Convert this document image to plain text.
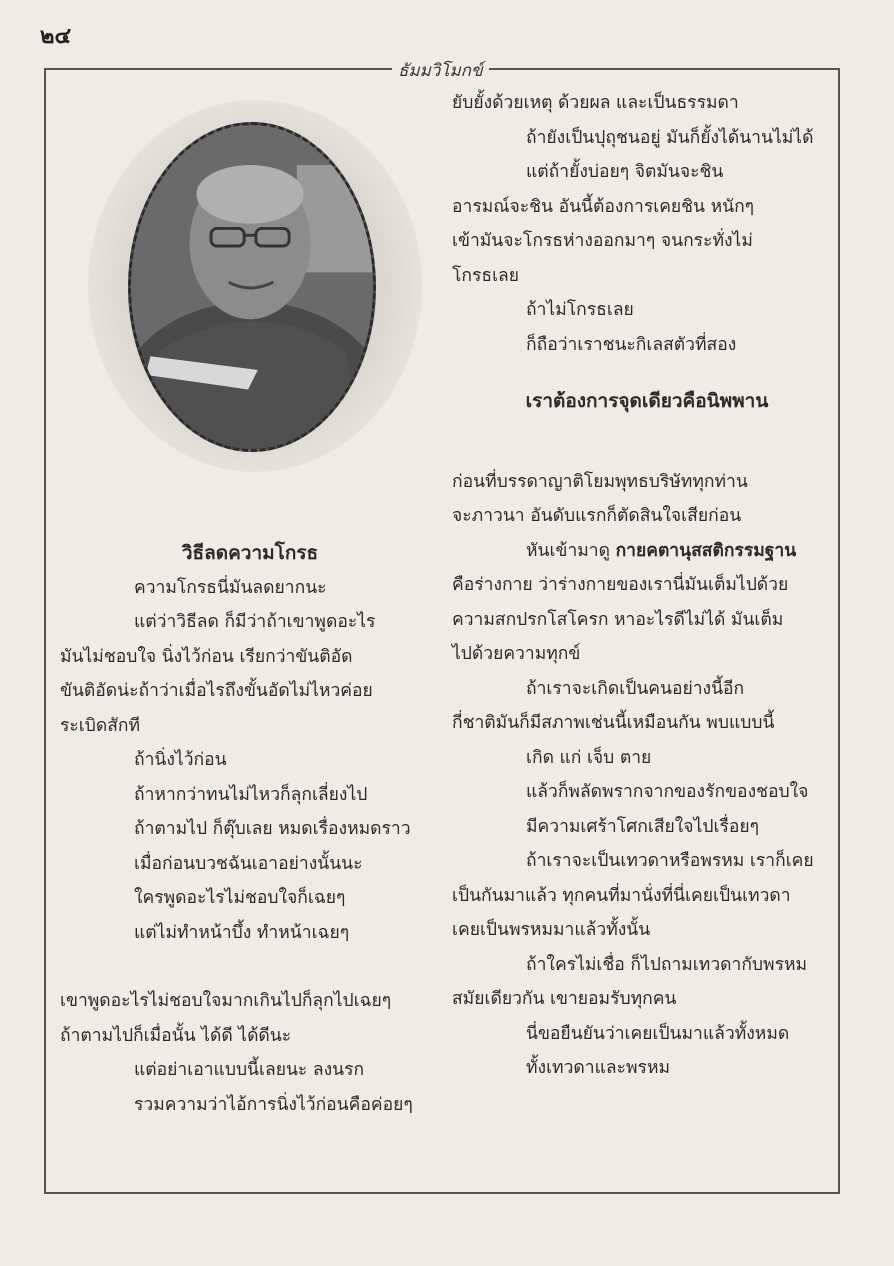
๒๔
ธัมมวิโมกข์

วิธีลดความโกรธ

ความโกรธนี่มันลดยากนะ

แต่ว่าวิธีลด ก็มีว่าถ้าเขาพูดอะไร

มันไม่ชอบใจ นิ่งไว้ก่อน เรียกว่าขันติอัด

ขันติอัดน่ะถ้าว่าเมื่อไรถึงขั้นอัดไม่ไหวค่อย

ระเบิดสักที

ถ้านิ่งไว้ก่อน

ถ้าหากว่าทนไม่ไหวก็ลุกเลี่ยงไป

ถ้าตามไป ก็ตุ๊บเลย หมดเรื่องหมดราว

เมื่อก่อนบวชฉันเอาอย่างนั้นนะ

ใครพูดอะไรไม่ชอบใจก็เฉยๆ

แต่ไม่ทำหน้าบึ้ง ทำหน้าเฉยๆ

เขาพูดอะไรไม่ชอบใจมากเกินไปก็ลุกไปเฉยๆ

ถ้าตามไปก็เมื่อนั้น ได้ดี ได้ดีนะ

แต่อย่าเอาแบบนี้เลยนะ ลงนรก

รวมความว่าไอ้การนิ่งไว้ก่อนคือค่อยๆ

ยับยั้งด้วยเหตุ ด้วยผล และเป็นธรรมดา

ถ้ายังเป็นปุถุชนอยู่ มันก็ยั้งได้นานไม่ได้

แต่ถ้ายั้งบ่อยๆ จิตมันจะชิน

อารมณ์จะชิน อันนี้ต้องการเคยชิน หนักๆ

เข้ามันจะโกรธห่างออกมาๆ จนกระทั่งไม่

โกรธเลย

ถ้าไม่โกรธเลย

ก็ถือว่าเราชนะกิเลสตัวที่สอง

เราต้องการจุดเดียวคือนิพพาน

ก่อนที่บรรดาญาติโยมพุทธบริษัททุกท่าน

จะภาวนา อันดับแรกก็ตัดสินใจเสียก่อน

หันเข้ามาดู กายคตานุสสติกรรมฐาน

คือร่างกาย ว่าร่างกายของเรานี่มันเต็มไปด้วย

ความสกปรกโสโครก หาอะไรดีไม่ได้ มันเต็ม

ไปด้วยความทุกข์

ถ้าเราจะเกิดเป็นคนอย่างนี้อีก

กี่ชาติมันก็มีสภาพเช่นนี้เหมือนกัน พบแบบนี้

เกิด แก่ เจ็บ ตาย

แล้วก็พลัดพรากจากของรักของชอบใจ

มีความเศร้าโศกเสียใจไปเรื่อยๆ

ถ้าเราจะเป็นเทวดาหรือพรหม เราก็เคย

เป็นกันมาแล้ว ทุกคนที่มานั่งที่นี่เคยเป็นเทวดา

เคยเป็นพรหมมาแล้วทั้งนั้น

ถ้าใครไม่เชื่อ ก็ไปถามเทวดากับพรหม

สมัยเดียวกัน เขายอมรับทุกคน

นี่ขอยืนยันว่าเคยเป็นมาแล้วทั้งหมด

ทั้งเทวดาและพรหม
